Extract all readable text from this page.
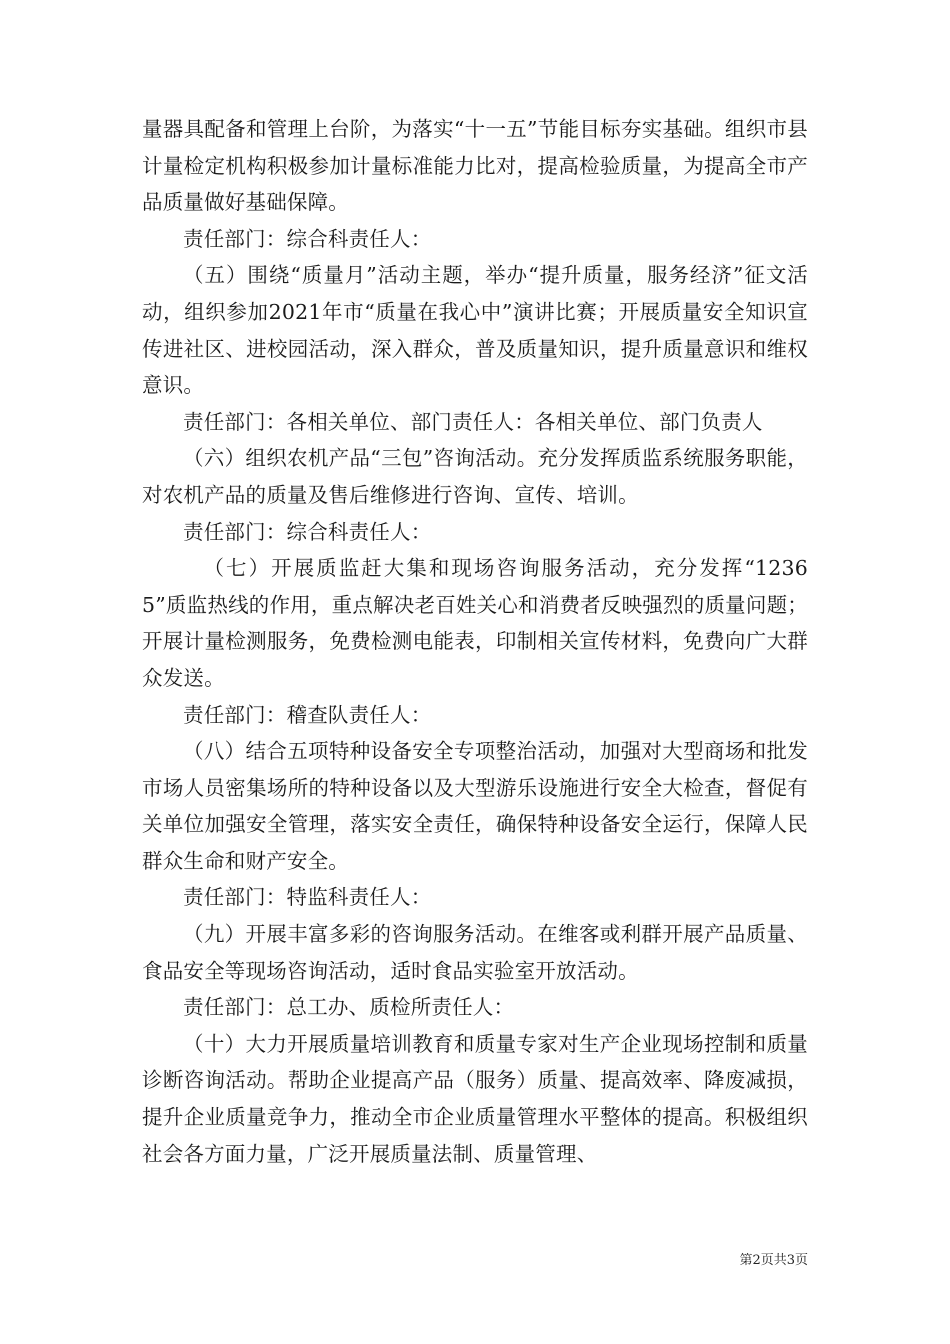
量器具配备和管理上台阶，为落实“十一五”节能目标夯实基础。组织市县计量检定机构积极参加计量标准能力比对，提高检验质量，为提高全市产品质量做好基础保障。

责任部门：综合科责任人：

（五）围绕“质量月”活动主题，举办“提升质量，服务经济”征文活动，组织参加2021年市“质量在我心中”演讲比赛；开展质量安全知识宣传进社区、进校园活动，深入群众，普及质量知识，提升质量意识和维权意识。

责任部门：各相关单位、部门责任人：各相关单位、部门负责人

（六）组织农机产品“三包”咨询活动。充分发挥质监系统服务职能，对农机产品的质量及售后维修进行咨询、宣传、培训。

责任部门：综合科责任人：

（七）开展质监赶大集和现场咨询服务活动，充分发挥“12365”质监热线的作用，重点解决老百姓关心和消费者反映强烈的质量问题；开展计量检测服务，免费检测电能表，印制相关宣传材料，免费向广大群众发送。

责任部门：稽查队责任人：

（八）结合五项特种设备安全专项整治活动，加强对大型商场和批发市场人员密集场所的特种设备以及大型游乐设施进行安全大检查，督促有关单位加强安全管理，落实安全责任，确保特种设备安全运行，保障人民群众生命和财产安全。

责任部门：特监科责任人：

（九）开展丰富多彩的咨询服务活动。在维客或利群开展产品质量、食品安全等现场咨询活动，适时食品实验室开放活动。

责任部门：总工办、质检所责任人：

（十）大力开展质量培训教育和质量专家对生产企业现场控制和质量诊断咨询活动。帮助企业提高产品（服务）质量、提高效率、降废减损，提升企业质量竞争力，推动全市企业质量管理水平整体的提高。积极组织社会各方面力量，广泛开展质量法制、质量管理、

第2页共3页
